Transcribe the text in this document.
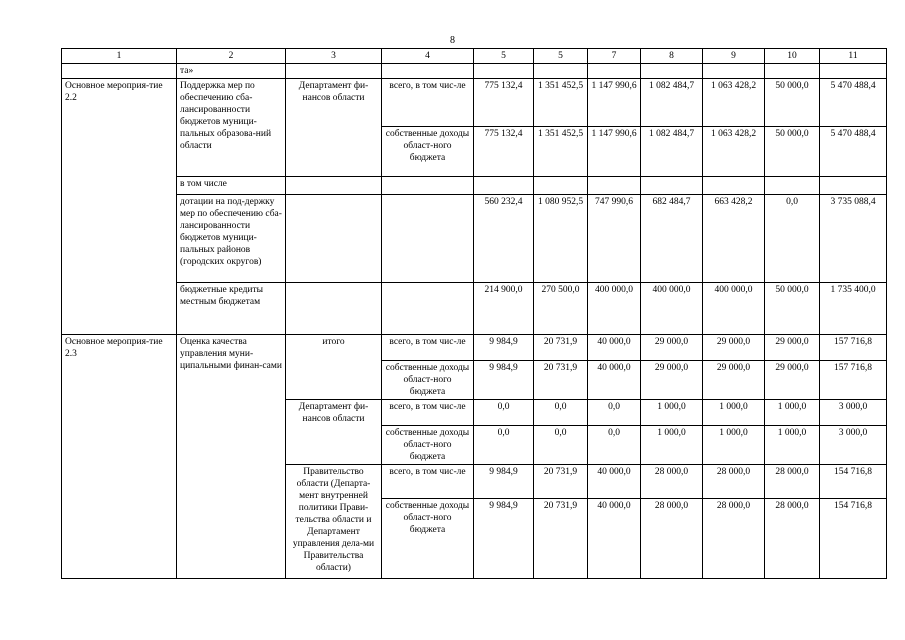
8
1	2	3	4	5	5	7	8	9	10	11
	та»									
Основное мероприя-тие 2.2	Поддержка мер по обеспечению сба-лансированности бюджетов муници-пальных образова-ний области	Департамент фи-нансов области	всего, в том чис-ле	775 132,4	1 351 452,5	1 147 990,6	1 082 484,7	1 063 428,2	50 000,0	5 470 488,4
			собственные доходы област-ного бюджета	775 132,4	1 351 452,5	1 147 990,6	1 082 484,7	1 063 428,2	50 000,0	5 470 488,4
	в том числе									
	дотации на под-держку мер по обеспечению сба-лансированности бюджетов муници-пальных районов (городских округов)			560 232,4	1 080 952,5	747 990,6	682 484,7	663 428,2	0,0	3 735 088,4
	бюджетные кредиты местным бюджетам			214 900,0	270 500,0	400 000,0	400 000,0	400 000,0	50 000,0	1 735 400,0
Основное мероприя-тие 2.3	Оценка качества управления муни-ципальными финан-сами	итого	всего, в том чис-ле	9 984,9	20 731,9	40 000,0	29 000,0	29 000,0	29 000,0	157 716,8
			собственные доходы област-ного бюджета	9 984,9	20 731,9	40 000,0	29 000,0	29 000,0	29 000,0	157 716,8
		Департамент фи-нансов области	всего, в том чис-ле	0,0	0,0	0,0	1 000,0	1 000,0	1 000,0	3 000,0
			собственные доходы област-ного бюджета	0,0	0,0	0,0	1 000,0	1 000,0	1 000,0	3 000,0
		Правительство области (Департа-мент внутренней политики Прави-тельства области и Департамент управления дела-ми Правительства области)	всего, в том чис-ле	9 984,9	20 731,9	40 000,0	28 000,0	28 000,0	28 000,0	154 716,8
			собственные доходы област-ного бюджета	9 984,9	20 731,9	40 000,0	28 000,0	28 000,0	28 000,0	154 716,8
